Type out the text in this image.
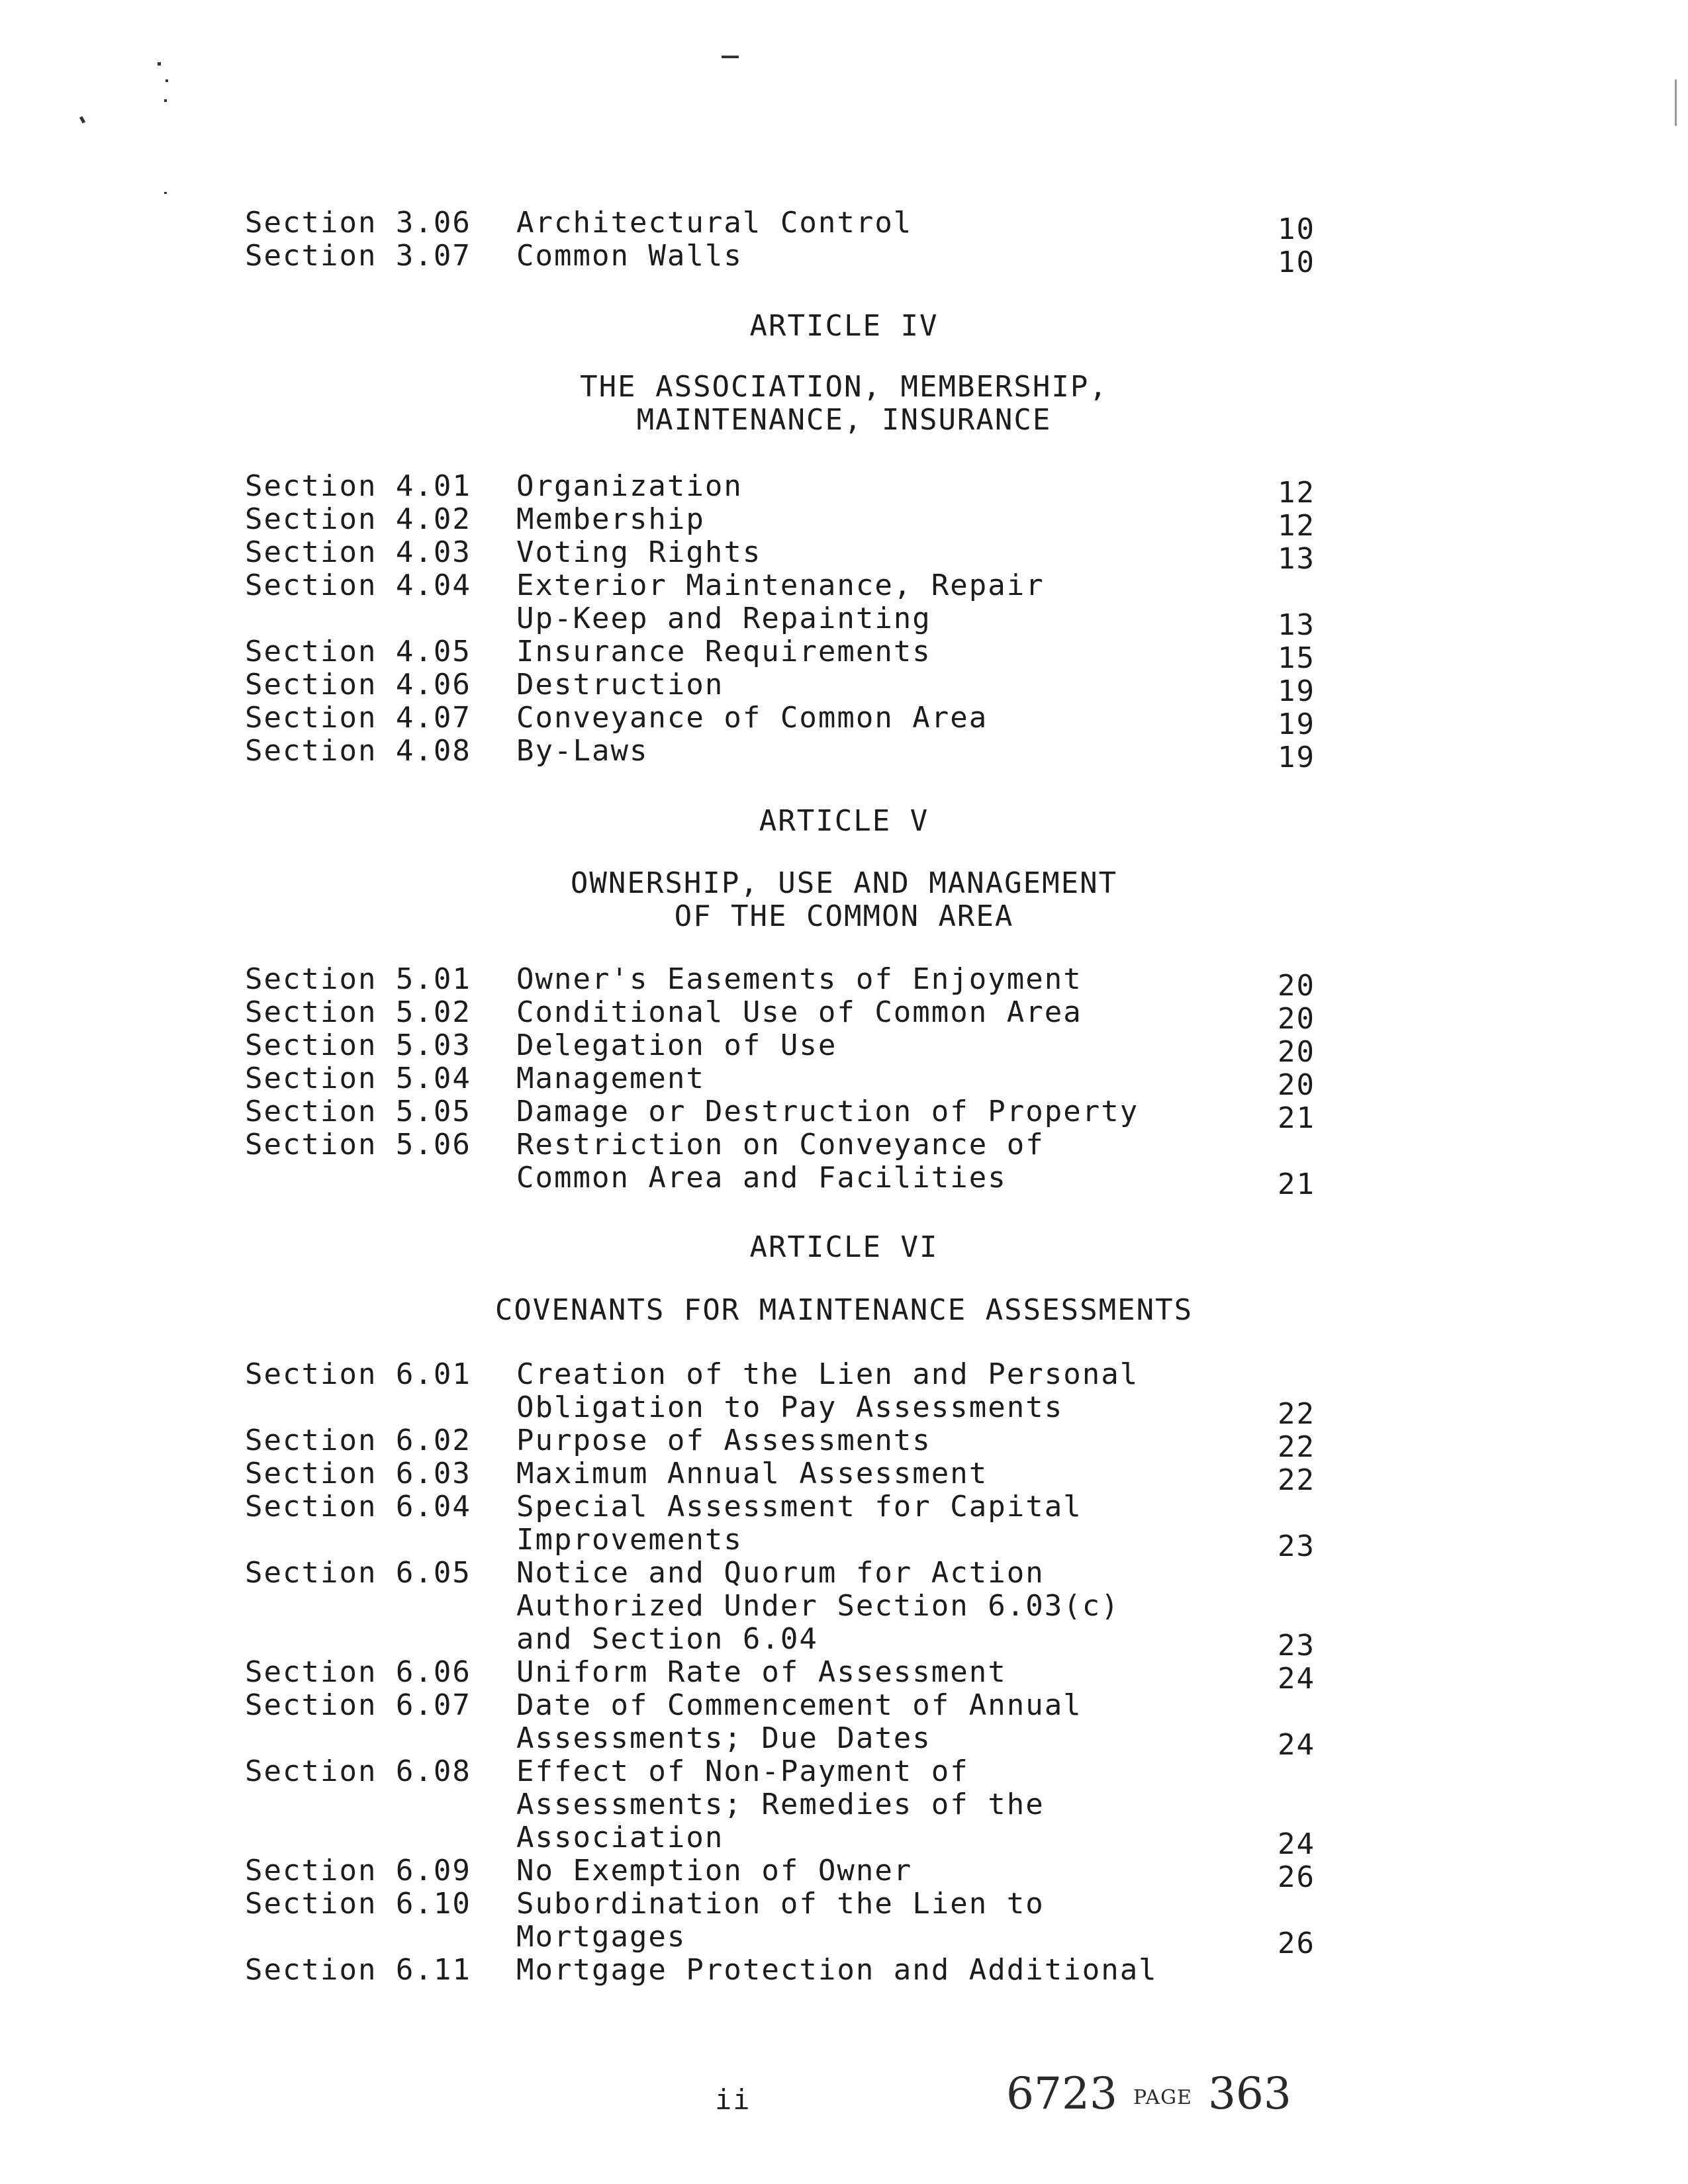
Section 3.06 Architectural Control	10
Section 3.07 Common Walls	10
ARTICLE IV
THE ASSOCIATION, MEMBERSHIP,
MAINTENANCE, INSURANCE
Section 4.01 Organization	12
Section 4.02 Membership	12
Section 4.03 Voting Rights	13
Section 4.04 Exterior Maintenance, Repair
Up-Keep and Repainting	13
Section 4.05 Insurance Requirements	15
Section 4.06 Destruction	19
Section 4.07 Conveyance of Common Area	19
Section 4.08 By-Laws	19
ARTICLE V
OWNERSHIP, USE AND MANAGEMENT
OF THE COMMON AREA
Section 5.01 Owner's Easements of Enjoyment	20
Section 5.02 Conditional Use of Common Area	20
Section 5.03 Delegation of Use	20
Section 5.04 Management	20
Section 5.05 Damage or Destruction of Property	21
Section 5.06 Restriction on Conveyance of
Common Area and Facilities	21
ARTICLE VI
COVENANTS FOR MAINTENANCE ASSESSMENTS
Section 6.01 Creation of the Lien and Personal
Obligation to Pay Assessments	22
Section 6.02 Purpose of Assessments	22
Section 6.03 Maximum Annual Assessment	22
Section 6.04 Special Assessment for Capital
Improvements	23
Section 6.05 Notice and Quorum for Action
Authorized Under Section 6.03(c)
and Section 6.04	23
Section 6.06 Uniform Rate of Assessment	24
Section 6.07 Date of Commencement of Annual
Assessments; Due Dates	24
Section 6.08 Effect of Non-Payment of
Assessments; Remedies of the
Association	24
Section 6.09 No Exemption of Owner	26
Section 6.10 Subordination of the Lien to
Mortgages	26
Section 6.11 Mortgage Protection and Additional
ii	6723 PAGE 363
